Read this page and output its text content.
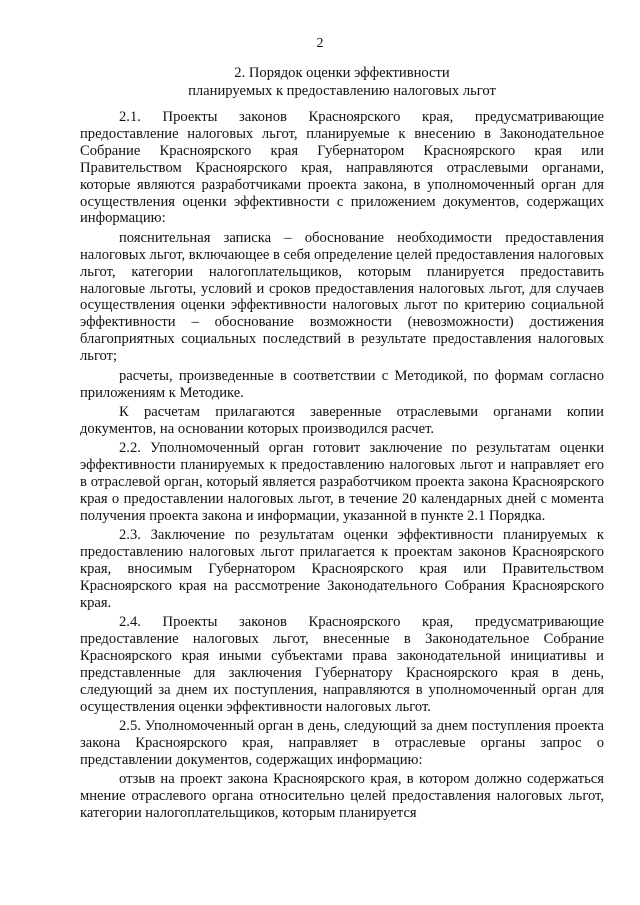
2
2. Порядок оценки эффективности
планируемых к предоставлению налоговых льгот

2.1. Проекты законов Красноярского края, предусматривающие предоставление налоговых льгот, планируемые к внесению в Законодательное Собрание Красноярского края Губернатором Красноярского края или Правительством Красноярского края, направляются отраслевыми органами, которые являются разработчиками проекта закона, в уполномоченный орган для осуществления оценки эффективности с приложением документов, содержащих информацию:

пояснительная записка – обоснование необходимости предоставления налоговых льгот, включающее в себя определение целей предоставления налоговых льгот, категории налогоплательщиков, которым планируется предоставить налоговые льготы, условий и сроков предоставления налоговых льгот, для случаев осуществления оценки эффективности налоговых льгот по критерию социальной эффективности – обоснование возможности (невозможности) достижения благоприятных социальных последствий в результате предоставления налоговых льгот;

расчеты, произведенные в соответствии с Методикой, по формам согласно приложениям к Методике.

К расчетам прилагаются заверенные отраслевыми органами копии документов, на основании которых производился расчет.

2.2. Уполномоченный орган готовит заключение по результатам оценки эффективности планируемых к предоставлению налоговых льгот и направляет его в отраслевой орган, который является разработчиком проекта закона Красноярского края о предоставлении налоговых льгот, в течение 20 календарных дней с момента получения проекта закона и информации, указанной в пункте 2.1 Порядка.

2.3. Заключение по результатам оценки эффективности планируемых к предоставлению налоговых льгот прилагается к проектам законов Красноярского края, вносимым Губернатором Красноярского края или Правительством Красноярского края на рассмотрение Законодательного Собрания Красноярского края.

2.4. Проекты законов Красноярского края, предусматривающие предоставление налоговых льгот, внесенные в Законодательное Собрание Красноярского края иными субъектами права законодательной инициативы и представленные для заключения Губернатору Красноярского края в день, следующий за днем их поступления, направляются в уполномоченный орган для осуществления оценки эффективности налоговых льгот.

2.5. Уполномоченный орган в день, следующий за днем поступления проекта закона Красноярского края, направляет в отраслевые органы запрос о представлении документов, содержащих информацию:

отзыв на проект закона Красноярского края, в котором должно содержаться мнение отраслевого органа относительно целей предоставления налоговых льгот, категории налогоплательщиков, которым планируется
